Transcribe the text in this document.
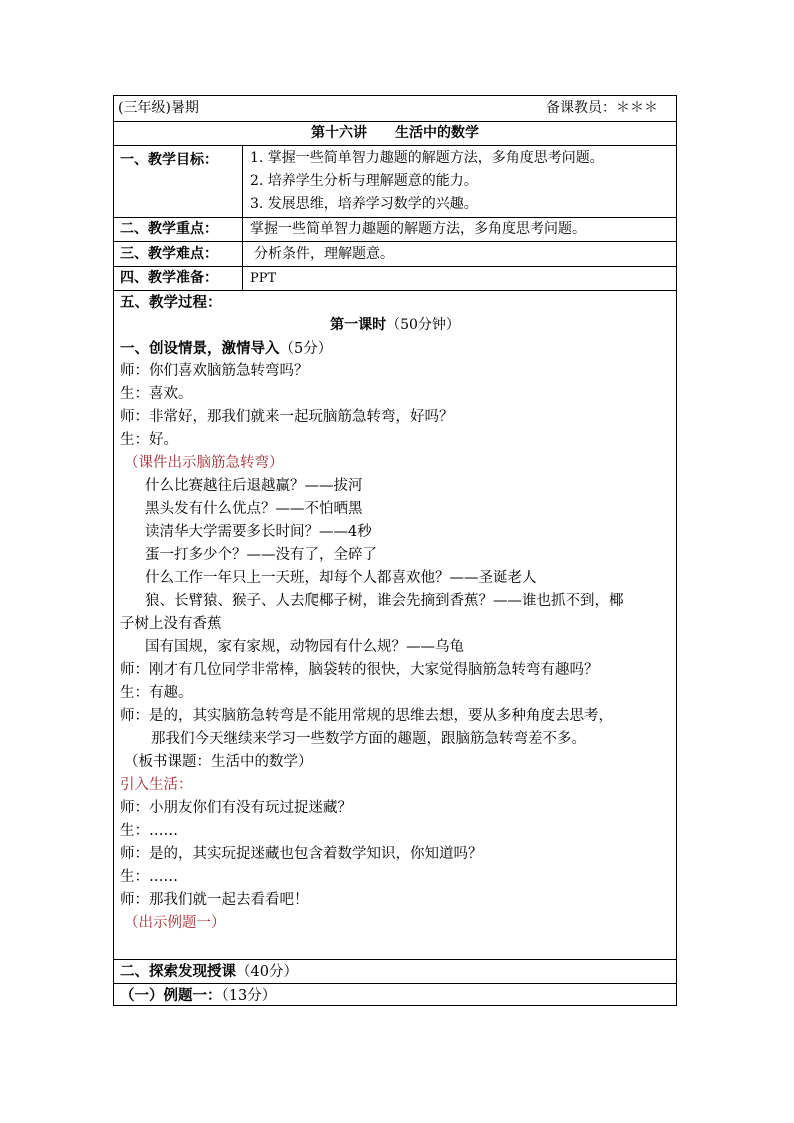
(三年级)暑期	备课教员：＊＊＊
第十六讲　　生活中的数学
一、教学目标： 1. 掌握一些简单智力趣题的解题方法，多角度思考问题。
2. 培养学生分析与理解题意的能力。
3. 发展思维，培养学习数学的兴趣。
二、教学重点： 掌握一些简单智力趣题的解题方法，多角度思考问题。
三、教学难点：	分析条件，理解题意。
四、教学准备： PPT
五、教学过程：
第一课时（50分钟）
一、创设情景，激情导入（5分）
师：你们喜欢脑筋急转弯吗？
生：喜欢。
师：非常好，那我们就来一起玩脑筋急转弯，好吗？
生：好。
（课件出示脑筋急转弯）
什么比赛越往后退越赢？——拔河
黑头发有什么优点？——不怕晒黑
读清华大学需要多长时间？——4秒
蛋一打多少个？——没有了，全碎了
什么工作一年只上一天班，却每个人都喜欢他？——圣诞老人
狼、长臂猿、猴子、人去爬椰子树，谁会先摘到香蕉？——谁也抓不到，椰
子树上没有香蕉
国有国规，家有家规，动物园有什么规？——乌龟
师：刚才有几位同学非常棒，脑袋转的很快，大家觉得脑筋急转弯有趣吗？
生：有趣。
师：是的，其实脑筋急转弯是不能用常规的思维去想，要从多种角度去思考，
那我们今天继续来学习一些数学方面的趣题，跟脑筋急转弯差不多。
（板书课题：生活中的数学）
引入生活：
师：小朋友你们有没有玩过捉迷藏？
生：……
师：是的，其实玩捉迷藏也包含着数学知识，你知道吗？
生：……
师：那我们就一起去看看吧！
（出示例题一）
二、探索发现授课（40分）
（一）例题一：（13分）
